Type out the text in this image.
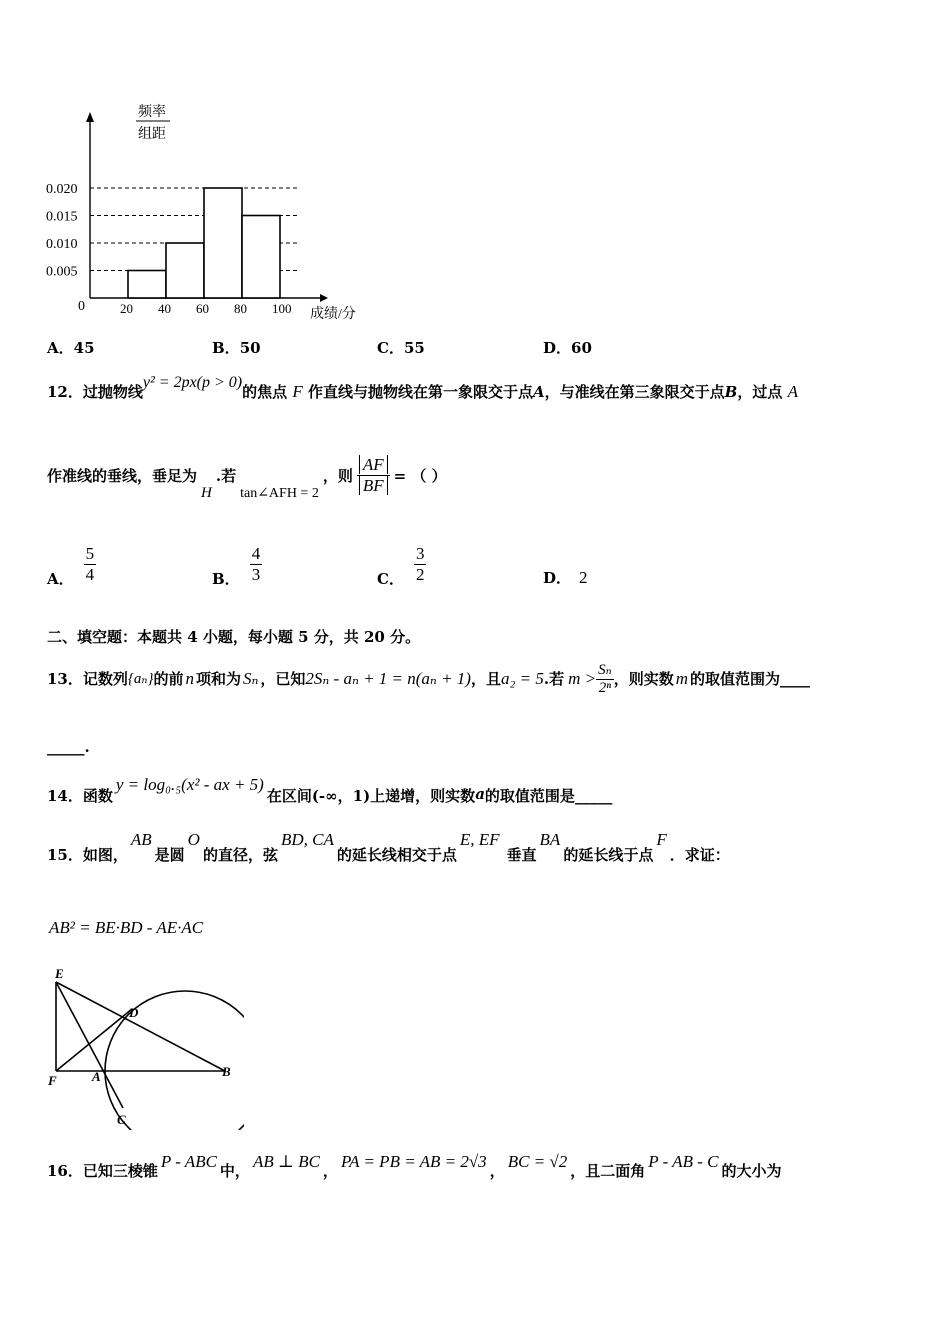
频率
组距
0.005
0.010
0.015
0.020
0	20 40 60 80 100 成绩/分
A．45	B．50	C．55	D．60
12．过抛物线y² = 2px(p > 0)的焦点 F 作直线与抛物线在第一象限交于点A，与准线在第三象限交于点B，过点 A
作准线的垂线，垂足为
H
.若
tan∠AFH = 2
，则 $\frac{AF}{BF}$ = （ ）
A． $\frac{5}{4}$	B． $\frac{4}{3}$	C． $\frac{3}{2}$	D． 2
二、填空题：本题共 4 小题，每小题 5 分，共 20 分。
13．记数列 {aₙ} 的前 n 项和为 Sₙ ，已知 2Sₙ - aₙ + 1 = n(aₙ + 1) ，且 a₂ = 5 .若 $m > \frac{\text{Sₙ}}{\text{2ⁿ}}$ ，则实数 m 的取值范围为____
_____.
14．函数
y = log₀.₅(x² - ax + 5)
在区间(-∞，1)上递增，则实数 a 的取值范围是_____
15．如图，
AB
是圆
O
的直径，弦
BD, CA
的延长线相交于点
E, EF
垂直
BA
的延长线于点
F
．求证：
AB² = BE·BD - AE·AC
E
D
F	A	B
C
16．已知三棱锥 P - ABC 中， AB ⊥ BC ， PA = PB = AB = 2√3 ， BC = √2 ，且二面角 P - AB - C 的大小为
